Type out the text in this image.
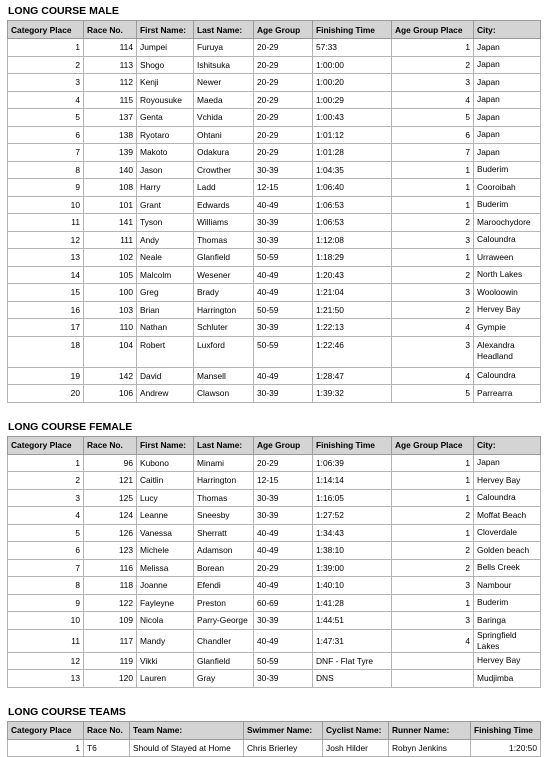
LONG COURSE MALE
Category Place	Race No.	First Name:	Last Name:	Age Group	Finishing Time	Age Group Place	City:
1	114	Jumpei	Furuya	20-29	57:33	1	Japan
2	113	Shogo	Ishitsuka	20-29	1:00:00	2	Japan
3	112	Kenji	Newer	20-29	1:00:20	3	Japan
4	115	Royousuke	Maeda	20-29	1:00:29	4	Japan
5	137	Genta	Vchida	20-29	1:00:43	5	Japan
6	138	Ryotaro	Ohtani	20-29	1:01:12	6	Japan
7	139	Makoto	Odakura	20-29	1:01:28	7	Japan
8	140	Jason	Crowther	30-39	1:04:35	1	Buderim
9	108	Harry	Ladd	12-15	1:06:40	1	Cooroibah
10	101	Grant	Edwards	40-49	1:06:53	1	Buderim
11	141	Tyson	Williams	30-39	1:06:53	2	Maroochydore
12	111	Andy	Thomas	30-39	1:12:08	3	Caloundra
13	102	Neale	Glanfield	50-59	1:18:29	1	Urraween
14	105	Malcolm	Wesener	40-49	1:20:43	2	North Lakes
15	100	Greg	Brady	40-49	1:21:04	3	Wooloowin
16	103	Brian	Harrington	50-59	1:21:50	2	Hervey Bay
17	110	Nathan	Schluter	30-39	1:22:13	4	Gympie
18	104	Robert	Luxford	50-59	1:22:46	3	Alexandra Headland
19	142	David	Mansell	40-49	1:28:47	4	Caloundra
20	106	Andrew	Clawson	30-39	1:39:32	5	Parrearra
LONG COURSE FEMALE
Category Place	Race No.	First Name:	Last Name:	Age Group	Finishing Time	Age Group Place	City:
1	96	Kubono	Minami	20-29	1:06:39	1	Japan
2	121	Caitlin	Harrington	12-15	1:14:14	1	Hervey Bay
3	125	Lucy	Thomas	30-39	1:16:05	1	Caloundra
4	124	Leanne	Sneesby	30-39	1:27:52	2	Moffat Beach
5	126	Vanessa	Sherratt	40-49	1:34:43	1	Cloverdale
6	123	Michele	Adamson	40-49	1:38:10	2	Golden beach
7	116	Melissa	Borean	20-29	1:39:00	2	Bells Creek
8	118	Joanne	Efendi	40-49	1:40:10	3	Nambour
9	122	Fayleyne	Preston	60-69	1:41:28	1	Buderim
10	109	Nicola	Parry-George	30-39	1:44:51	3	Baringa
11	117	Mandy	Chandler	40-49	1:47:31	4	Springfield Lakes
12	119	Vikki	Glanfield	50-59	DNF - Flat Tyre		Hervey Bay
13	120	Lauren	Gray	30-39	DNS		Mudjimba
LONG COURSE TEAMS
Category Place	Race No.	Team Name:	Swimmer Name:	Cyclist Name:	Runner Name:	Finishing Time
1	T6	Should of Stayed at Home	Chris Brierley	Josh Hilder	Robyn Jenkins	1:20:50
